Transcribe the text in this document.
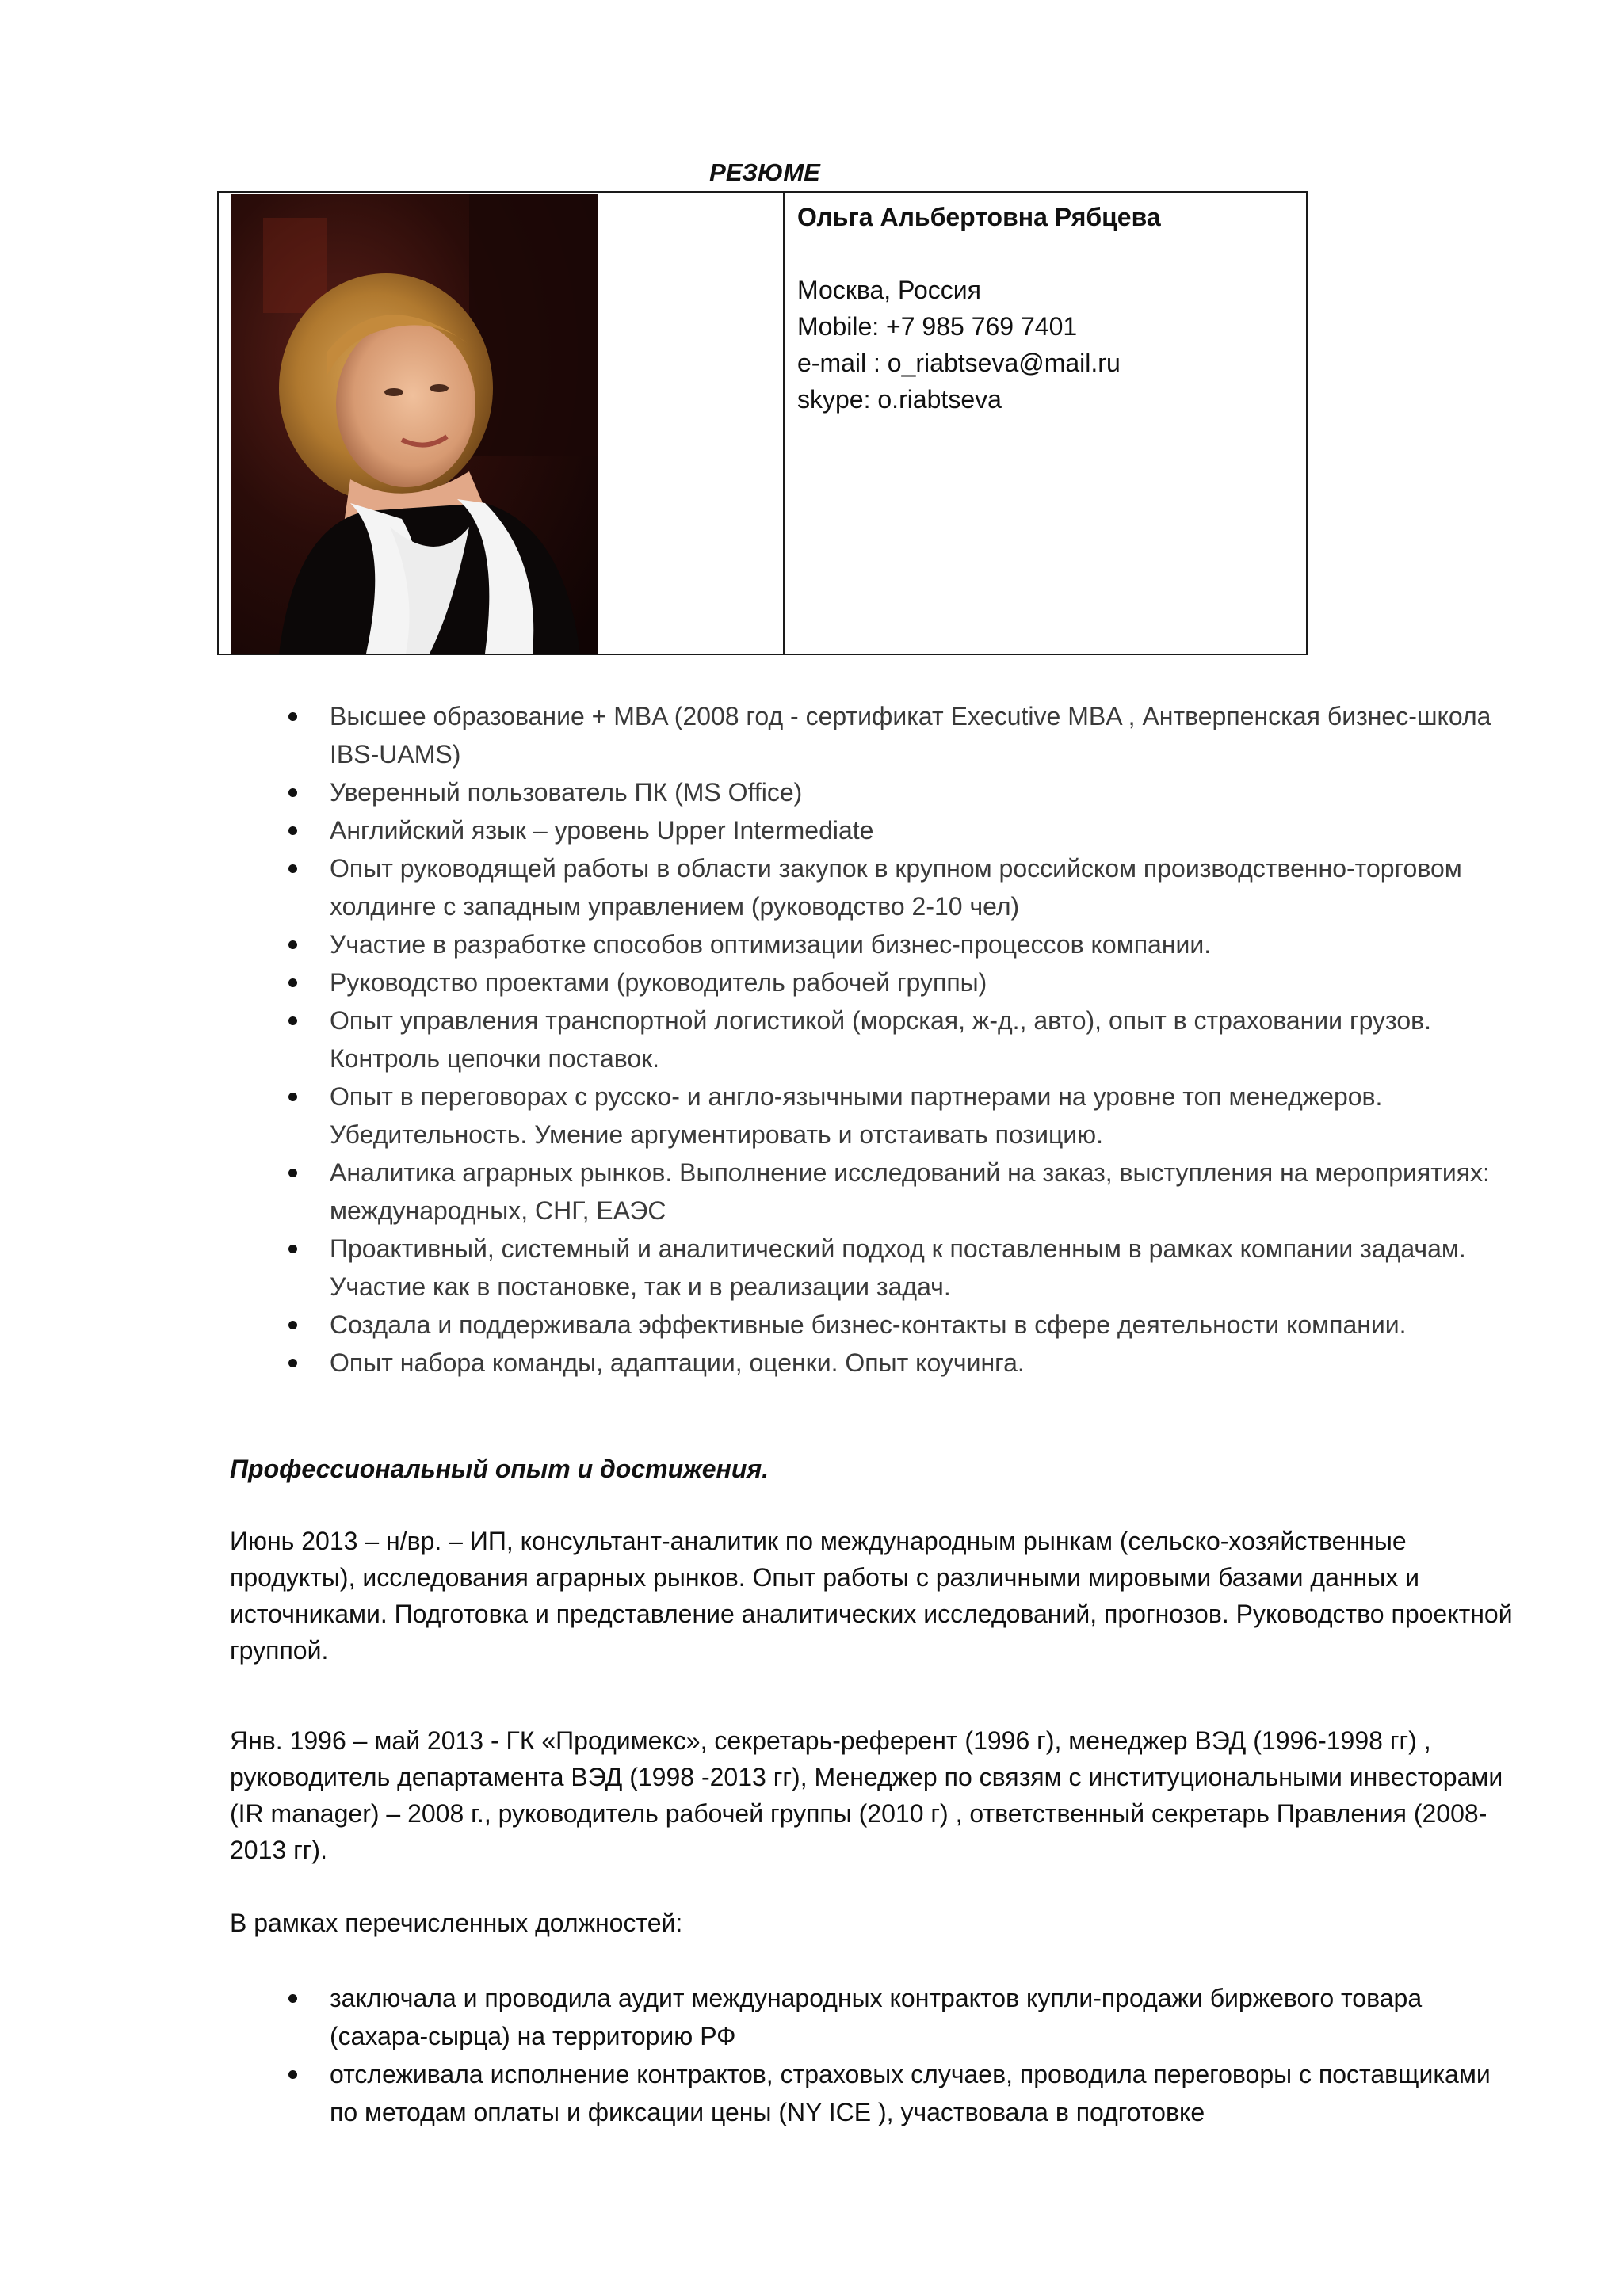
РЕЗЮМЕ

Ольга Альбертовна Рябцева

Москва, Россия

Mobile: +7 985 769 7401

e-mail : o_riabtseva@mail.ru

skype: o.riabtseva

Высшее образование + MBA (2008 год - сертификат Executive MBA , Антверпенская бизнес-школа IBS-UAMS)
Уверенный пользователь ПК (MS Office)
Английский язык – уровень Upper Intermediate
Опыт руководящей работы в области закупок в крупном российском производственно-торговом холдинге с западным управлением (руководство 2-10 чел)
Участие в разработке способов оптимизации бизнес-процессов компании.
Руководство проектами (руководитель рабочей группы)
Опыт управления транспортной логистикой (морская, ж-д., авто), опыт в страховании грузов. Контроль цепочки поставок.
Опыт в переговорах с русско- и англо-язычными партнерами на уровне топ менеджеров. Убедительность. Умение аргументировать и отстаивать позицию.
Аналитика аграрных рынков. Выполнение исследований на заказ, выступления на мероприятиях: международных, СНГ, ЕАЭС
Проактивный, системный и аналитический подход к поставленным в рамках компании задачам. Участие как в постановке, так и в реализации задач.
Создала и поддерживала эффективные бизнес-контакты в сфере деятельности компании.
Опыт набора команды, адаптации, оценки. Опыт коучинга.
Профессиональный опыт и достижения.

Июнь 2013 – н/вр. – ИП, консультант-аналитик по международным рынкам (сельско-хозяйственные продукты), исследования аграрных рынков. Опыт работы с различными мировыми базами данных и источниками. Подготовка и представление аналитических исследований, прогнозов. Руководство проектной группой.

Янв. 1996 – май 2013 - ГК «Продимекс», секретарь-референт (1996 г), менеджер ВЭД (1996-1998 гг) , руководитель департамента ВЭД (1998 -2013 гг), Менеджер по связям с институциональными инвесторами (IR manager) – 2008 г., руководитель рабочей группы (2010 г) , ответственный секретарь Правления (2008-2013 гг).

В рамках перечисленных должностей:

заключала и проводила аудит международных контрактов купли-продажи биржевого товара (сахара-сырца) на территорию РФ
отслеживала исполнение контрактов, страховых случаев, проводила переговоры с поставщиками по методам оплаты и фиксации цены (NY ICE ), участвовала в подготовке
